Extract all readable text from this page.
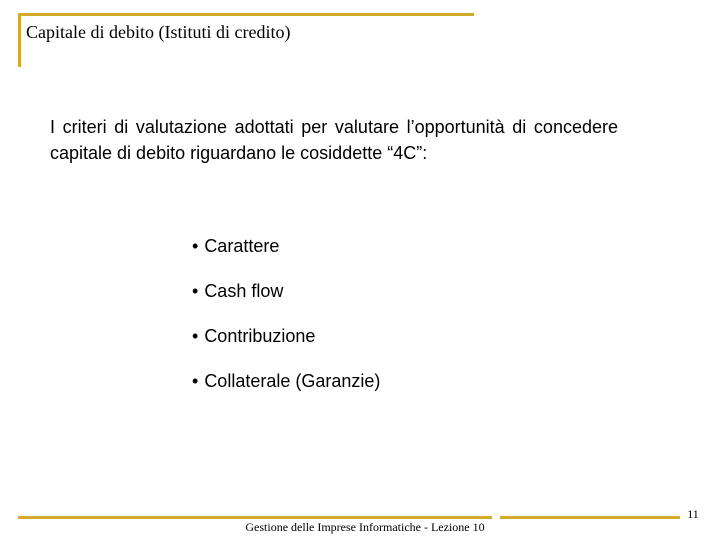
Capitale di debito (Istituti di credito)
I criteri di valutazione adottati per valutare l’opportunità di concedere capitale di debito riguardano le cosiddette “4C”:
• Carattere
• Cash flow
• Contribuzione
• Collaterale (Garanzie)
Gestione delle Imprese Informatiche - Lezione 10
11
